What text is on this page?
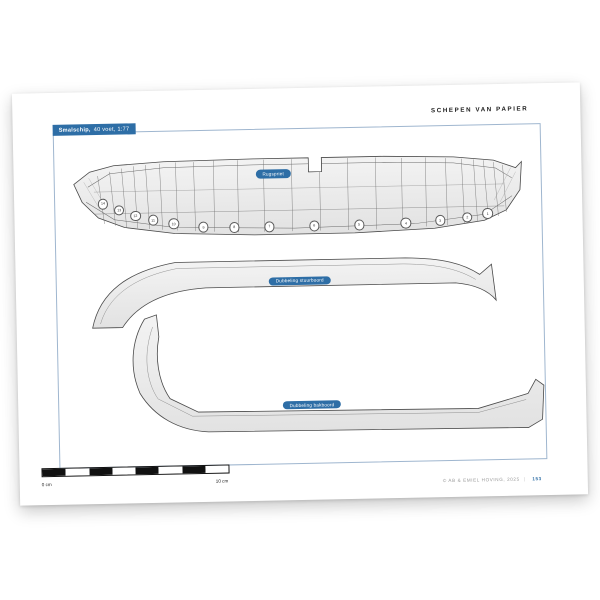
SCHEPEN VAN PAPIER
Smalschip, 40 voet, 1:77
Rugspriet
Dubbeling stuurboord
Dubbeling bakboord
14
13
12
11
10
9	8	7	6	5	4
3
2
1
0 cm
10 cm	© AB & EMIEL HOVING, 2025 | 153
